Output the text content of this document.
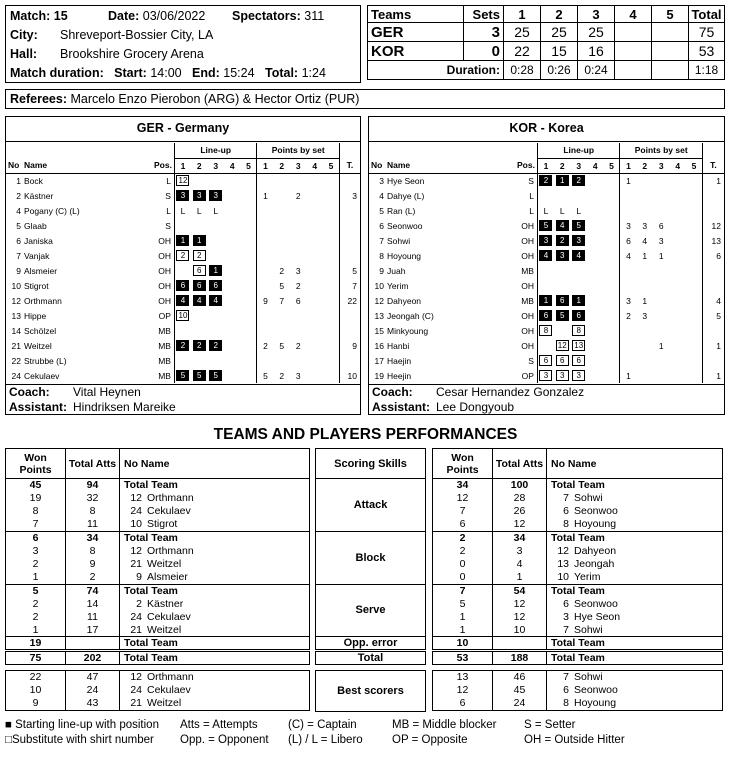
Match: 15	Date: 03/06/2022 Spectators: 311
City: Shreveport-Bossier City, LA
Hall: Brookshire Grocery Arena
Match duration: Start: 14:00 End: 15:24 Total: 1:24
Teams	Sets	1	2	3	4	5	Total
GER	3	25	25	25			75
KOR	0	22	15	16			53
Duration:		0:28	0:26	0:24			1:18
Referees: Marcelo Enzo Pierobon (ARG) & Hector Ortiz (PUR)
GER - Germany
			Line-up					Points by set					
No	Name	Pos.	1	2	3	4	5	1	2	3	4	5	T.
1	Bock	L	12										
2	Kästner	S	3	3	3			1		2			3
4	Pogany (C) (L)	L	L	L	L								
5	Glaab	S											
6	Janiska	OH	1	1									
7	Vanjak	OH	2	2									
9	Alsmeier	OH		6	1				2	3			5
10	Stigrot	OH	6	6	6				5	2			7
12	Orthmann	OH	4	4	4			9	7	6			22
13	Hippe	OP	10										
14	Schölzel	MB											
21	Weitzel	MB	2	2	2			2	5	2			9
22	Strubbe (L)	MB											
24	Cekulaev	MB	5	5	5			5	2	3			10
Coach: Vital Heynen
Assistant: Hindriksen Mareike
KOR - Korea
			Line-up					Points by set					
No	Name	Pos.	1	2	3	4	5	1	2	3	4	5	T.
3	Hye Seon	S	2	1	2			1					1
4	Dahye (L)	L											
5	Ran (L)	L	L	L	L								
6	Seonwoo	OH	5	4	5			3	3	6			12
7	Sohwi	OH	3	2	3			6	4	3			13
8	Hoyoung	OH	4	3	4			4	1	1			6
9	Juah	MB											
10	Yerim	OH											
12	Dahyeon	MB	1	6	1			3	1				4
13	Jeongah (C)	OH	6	5	6			2	3				5
15	Minkyoung	OH	8		8								
16	Hanbi	OH		12	13					1			1
17	Haejin	S	6	6	6								
19	Heejin	OP	3	3	3			1					1
Coach: Cesar Hernandez Gonzalez
Assistant: Lee Dongyoub
TEAMS AND PLAYERS PERFORMANCES
Won Points	Total Atts	No Name
45	94	Total Team
19	32	12 Orthmann
8	8	24 Cekulaev
7	11	10 Stigrot
6	34	Total Team
3	8	12 Orthmann
2	9	21 Weitzel
1	2	9 Alsmeier
5	74	Total Team
2	14	2 Kästner
2	11	24 Cekulaev
1	17	21 Weitzel
19		Total Team
75	202	Total Team
22	47	12 Orthmann
10	24	24 Cekulaev
9	43	21 Weitzel
Won Points	Total Atts	No Name
34	100	Total Team
12	28	7 Sohwi
7	26	6 Seonwoo
6	12	8 Hoyoung
2	34	Total Team
2	3	12 Dahyeon
0	4	13 Jeongah
0	1	10 Yerim
7	54	Total Team
5	12	6 Seonwoo
1	12	3 Hye Seon
1	10	7 Sohwi
10		Total Team
53	188	Total Team
13	46	7 Sohwi
12	45	6 Seonwoo
6	24	8 Hoyoung
Scoring Skills
Attack
Block
Serve
Opp. error
Total
Best scorers
■ Starting line-up with position Atts = Attempts	(C) = Captain	MB = Middle blocker S = Setter
□Substitute with shirt number Opp. = Opponent (L) / L = Libero	OP = Opposite	OH = Outside Hitter
